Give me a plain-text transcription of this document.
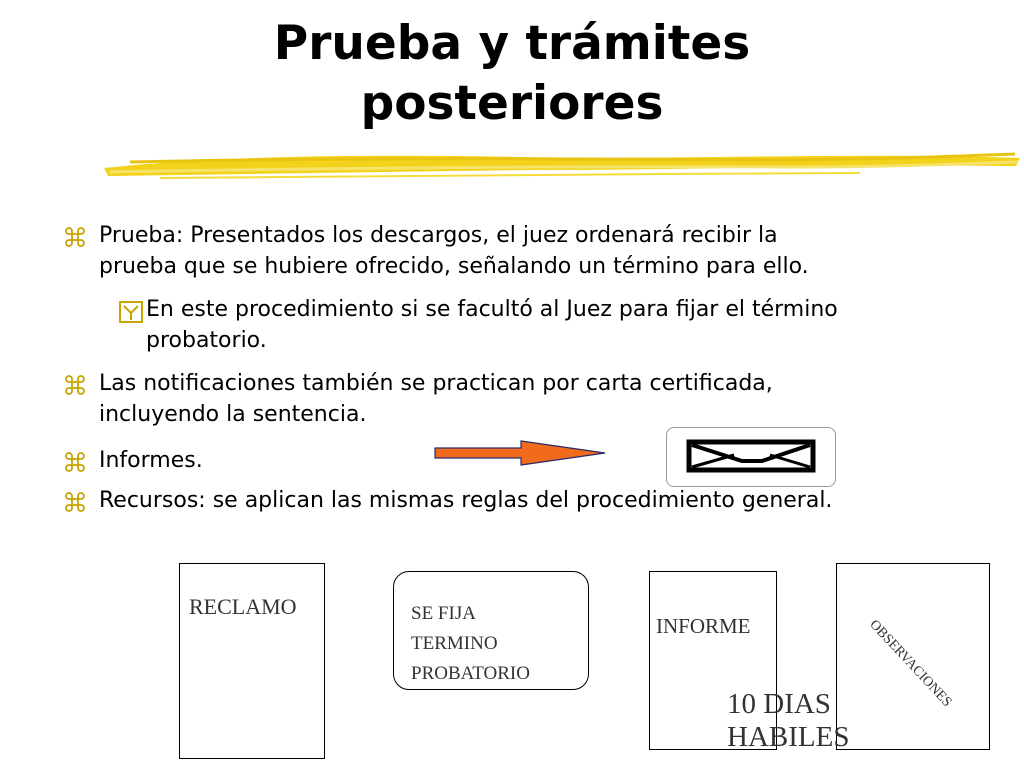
Prueba y trámites
posteriores
Prueba: Presentados los descargos, el juez ordenará recibir la
prueba que se hubiere ofrecido, señalando un término para ello.
En este procedimiento si se facultó al Juez para fijar el término
probatorio.
Las notificaciones también se practican por carta certificada,
incluyendo la sentencia.
Informes.
Recursos: se aplican las mismas reglas del procedimiento general.
RECLAMO	SE FIJA
TERMINO
PROBATORIO
INFORME	OBSERVACIONES
10 DIAS
HABILES
